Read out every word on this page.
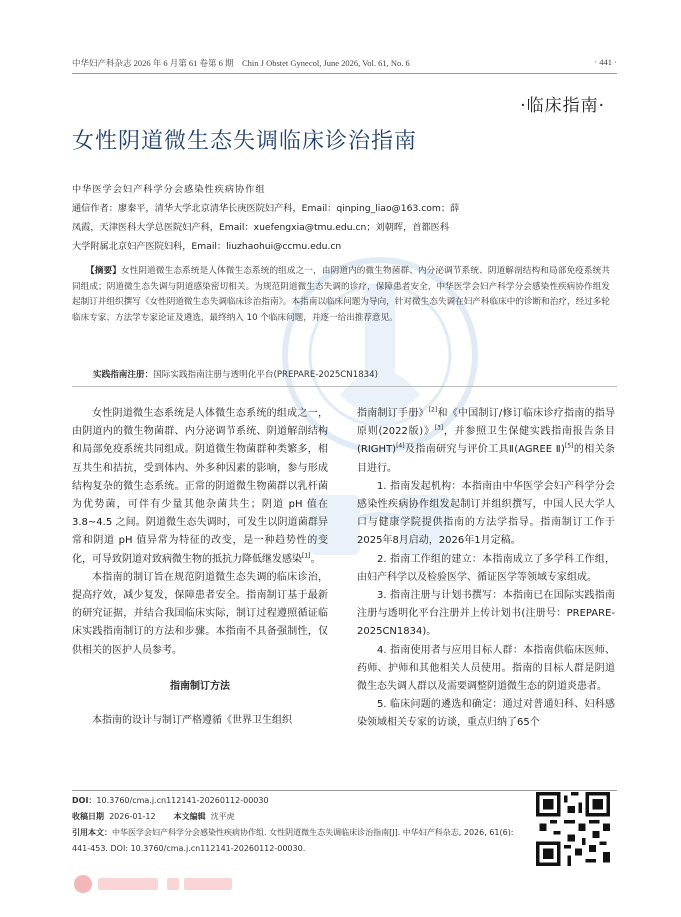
中华妇产科杂志 2026 年 6 月第 61 卷第 6 期　Chin J Obstet Gynecol, June 2026, Vol. 61, No. 6	· 441 ·
·临床指南·
女性阴道微生态失调临床诊治指南
中华医学会妇产科学分会感染性疾病协作组
通信作者：廖秦平，清华大学北京清华长庚医院妇产科，Email：qinping_liao@163.com；薛
凤霞，天津医科大学总医院妇产科，Email：xuefengxia@tmu.edu.cn；刘朝晖，首都医科
大学附属北京妇产医院妇科，Email：liuzhaohui@ccmu.edu.cn
【摘要】女性阴道微生态系统是人体微生态系统的组成之一，由阴道内的微生物菌群、内分泌调节系统、阴道解剖结构和局部免疫系统共同组成；阴道微生态失调与阴道感染密切相关。为规范阴道微生态失调的诊疗，保障患者安全，中华医学会妇产科学分会感染性疾病协作组发起制订并组织撰写《女性阴道微生态失调临床诊治指南》。本指南以临床问题为导向，针对微生态失调在妇产科临床中的诊断和治疗，经过多轮临床专家、方法学专家论证及遴选，最终纳入 10 个临床问题，并逐一给出推荐意见。
实践指南注册：国际实践指南注册与透明化平台(PREPARE-2025CN1834)

女性阴道微生态系统是人体微生态系统的组成之一，由阴道内的微生物菌群、内分泌调节系统、阴道解剖结构和局部免疫系统共同组成。阴道微生物菌群种类繁多，相互共生和拮抗，受到体内、外多种因素的影响，参与形成结构复杂的微生态系统。正常的阴道微生物菌群以乳杆菌为优势菌，可伴有少量其他杂菌共生；阴道 pH 值在 3.8~4.5 之间。阴道微生态失调时，可发生以阴道菌群异常和阴道 pH 值异常为特征的改变，是一种趋势性的变化，可导致阴道对致病微生物的抵抗力降低继发感染[1]。

本指南的制订旨在规范阴道微生态失调的临床诊治，提高疗效，减少复发，保障患者安全。指南制订基于最新的研究证据，并结合我国临床实际，制订过程遵照循证临床实践指南制订的方法和步骤。本指南不具备强制性，仅供相关的医护人员参考。

指南制订方法

本指南的设计与制订严格遵循《世界卫生组织

指南制订手册》[2]和《中国制订/修订临床诊疗指南的指导原则(2022版)》[3]，并参照卫生保健实践指南报告条目(RIGHT)[4]及指南研究与评价工具Ⅱ(AGREE Ⅱ)[5]的相关条目进行。

1. 指南发起机构：本指南由中华医学会妇产科学分会感染性疾病协作组发起制订并组织撰写，中国人民大学人口与健康学院提供指南的方法学指导。指南制订工作于2025年8月启动，2026年1月定稿。

2. 指南工作组的建立：本指南成立了多学科工作组，由妇产科学以及检验医学、循证医学等领域专家组成。

3. 指南注册与计划书撰写：本指南已在国际实践指南注册与透明化平台注册并上传计划书(注册号：PREPARE-2025CN1834)。

4. 指南使用者与应用目标人群：本指南供临床医师、药师、护师和其他相关人员使用。指南的目标人群是阴道微生态失调人群以及需要调整阴道微生态的阴道炎患者。

5. 临床问题的遴选和确定：通过对普通妇科、妇科感染领域相关专家的访谈，重点归纳了65个

DOI：10.3760/cma.j.cn112141-20260112-00030
收稿日期 2026-01-12 本文编辑 沈平虎
引用本文：中华医学会妇产科学分会感染性疾病协作组. 女性阴道微生态失调临床诊治指南[J]. 中华妇产科杂志, 2026, 61(6): 441-453. DOI: 10.3760/cma.j.cn112141-20260112-00030.
